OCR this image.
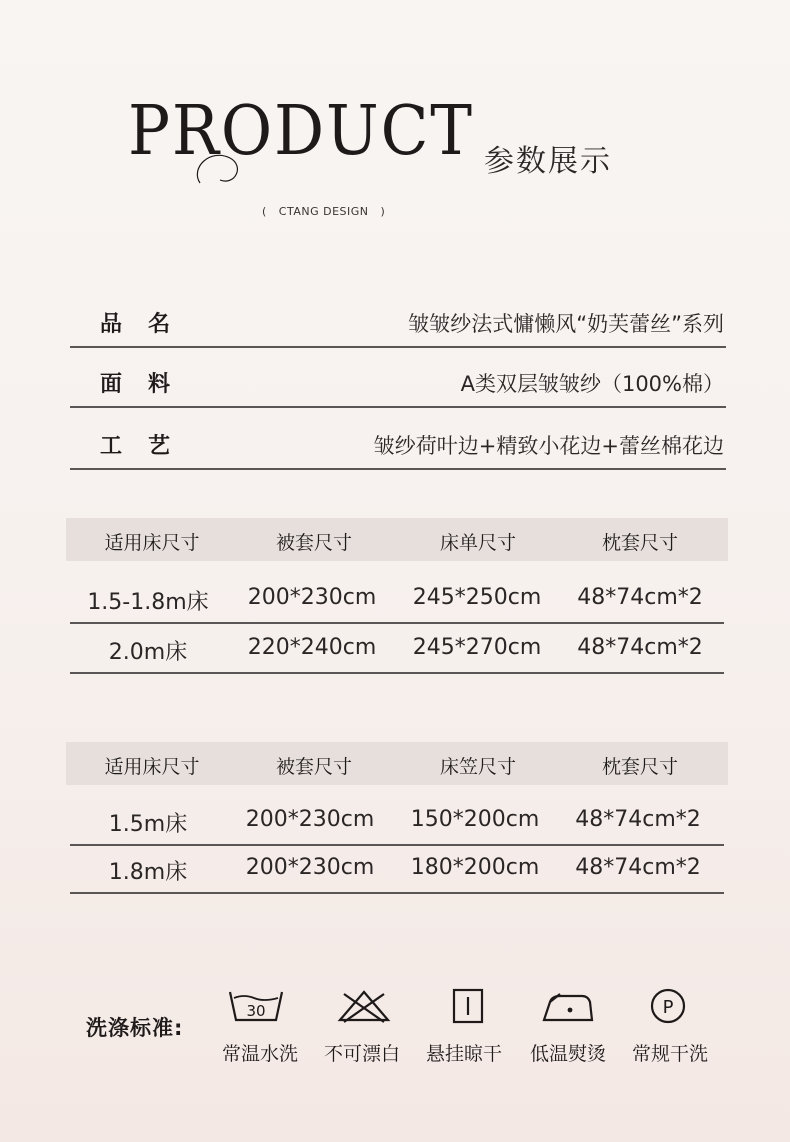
PRODUCT 参数展示
(   CTANG DESIGN   )
品名	皱皱纱法式慵懒风“奶芙蕾丝”系列
面料	A类双层皱皱纱（100%棉）
工艺	皱纱荷叶边+精致小花边+蕾丝棉花边
适用床尺寸	被套尺寸	床单尺寸	枕套尺寸
1.5-1.8m床	200*230cm	245*250cm	48*74cm*2
2.0m床	220*240cm	245*270cm	48*74cm*2
适用床尺寸	被套尺寸	床笠尺寸	枕套尺寸
1.5m床	200*230cm	150*200cm	48*74cm*2
1.8m床	200*230cm	180*200cm	48*74cm*2
洗涤标准:
30	P
常温水洗	不可漂白	悬挂晾干	低温熨烫	常规干洗
